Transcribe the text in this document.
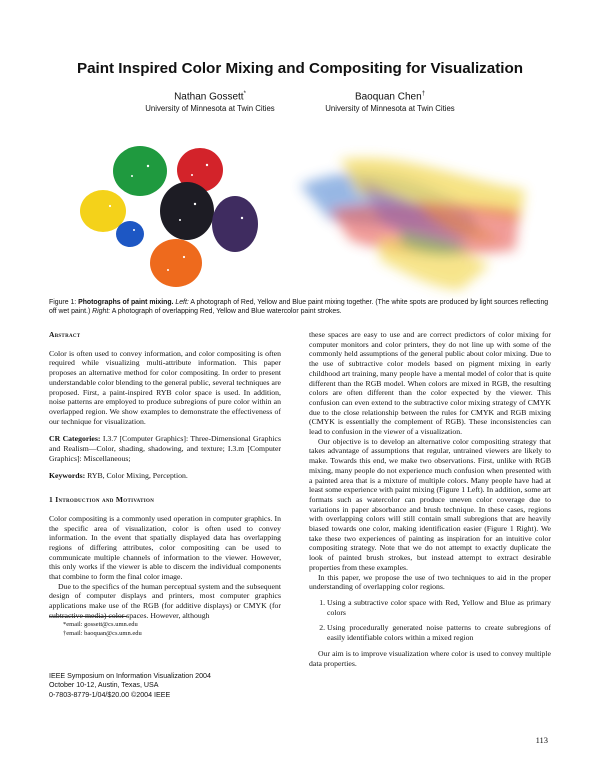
Paint Inspired Color Mixing and Compositing for Visualization
Nathan Gossett*
University of Minnesota at Twin Cities
Baoquan Chen†
University of Minnesota at Twin Cities
Figure 1: Photographs of paint mixing. Left: A photograph of Red, Yellow and Blue paint mixing together. (The white spots are produced by light sources reflecting off wet paint.) Right: A photograph of overlapping Red, Yellow and Blue watercolor paint strokes.

Abstract

Color is often used to convey information, and color compositing is often required while visualizing multi-attribute information. This paper proposes an alternative method for color compositing. In order to present understandable color blending to the general public, several techniques are proposed. First, a paint-inspired RYB color space is used. In addition, noise patterns are employed to produce subregions of pure color within an overlapped region. We show examples to demonstrate the effectiveness of our technique for visualization.

CR Categories: I.3.7 [Computer Graphics]: Three-Dimensional Graphics and Realism—Color, shading, shadowing, and texture; I.3.m [Computer Graphics]: Miscellaneous;

Keywords: RYB, Color Mixing, Perception.

1 Introduction and Motivation

Color compositing is a commonly used operation in computer graphics. In the specific area of visualization, color is often used to convey information. In the event that spatially displayed data has overlapping regions of differing attributes, color compositing can be used to communicate multiple channels of information to the viewer. However, this only works if the viewer is able to discern the individual components that combine to form the final color image.

Due to the specifics of the human perceptual system and the subsequent design of computer displays and printers, most computer graphics applications make use of the RGB (for additive displays) or CMYK (for subtractive media) color spaces. However, although

*email: gossett@cs.umn.edu
†email: baoquan@cs.umn.edu
IEEE Symposium on Information Visualization 2004
October 10-12, Austin, Texas, USA
0-7803-8779-1/04/$20.00 ©2004 IEEE

these spaces are easy to use and are correct predictors of color mixing for computer monitors and color printers, they do not line up with some of the commonly held assumptions of the general public about color mixing. Due to the use of subtractive color models based on pigment mixing in early childhood art training, many people have a mental model of color that is quite different than the RGB model. When colors are mixed in RGB, the resulting colors are often different than the color expected by the viewer. This confusion can even extend to the subtractive color mixing strategy of CMYK due to the close relationship between the rules for CMYK and RGB mixing (CMYK is essentially the complement of RGB). These inconsistencies can lead to confusion in the viewer of a visualization.

Our objective is to develop an alternative color compositing strategy that takes advantage of assumptions that regular, untrained viewers are likely to make. Towards this end, we make two observations. First, unlike with RGB mixing, many people do not experience much confusion when presented with a painted area that is a mixture of multiple colors. Many people have had at least some experience with paint mixing (Figure 1 Left). In addition, some art formats such as watercolor can produce uneven color coverage due to variations in paper absorbance and brush technique. In these cases, regions with overlapping colors will still contain small subregions that are heavily biased towards one color, making identification easier (Figure 1 Right). We take these two experiences of painting as inspiration for an intuitive color compositing strategy. Note that we do not attempt to exactly duplicate the look of painted brush strokes, but instead attempt to extract desirable properties from these examples.

In this paper, we propose the use of two techniques to aid in the proper understanding of overlapping color regions.

1. Using a subtractive color space with Red, Yellow and Blue as primary colors
2. Using procedurally generated noise patterns to create subregions of easily identifiable colors within a mixed region

Our aim is to improve visualization where color is used to convey multiple data properties.

113
